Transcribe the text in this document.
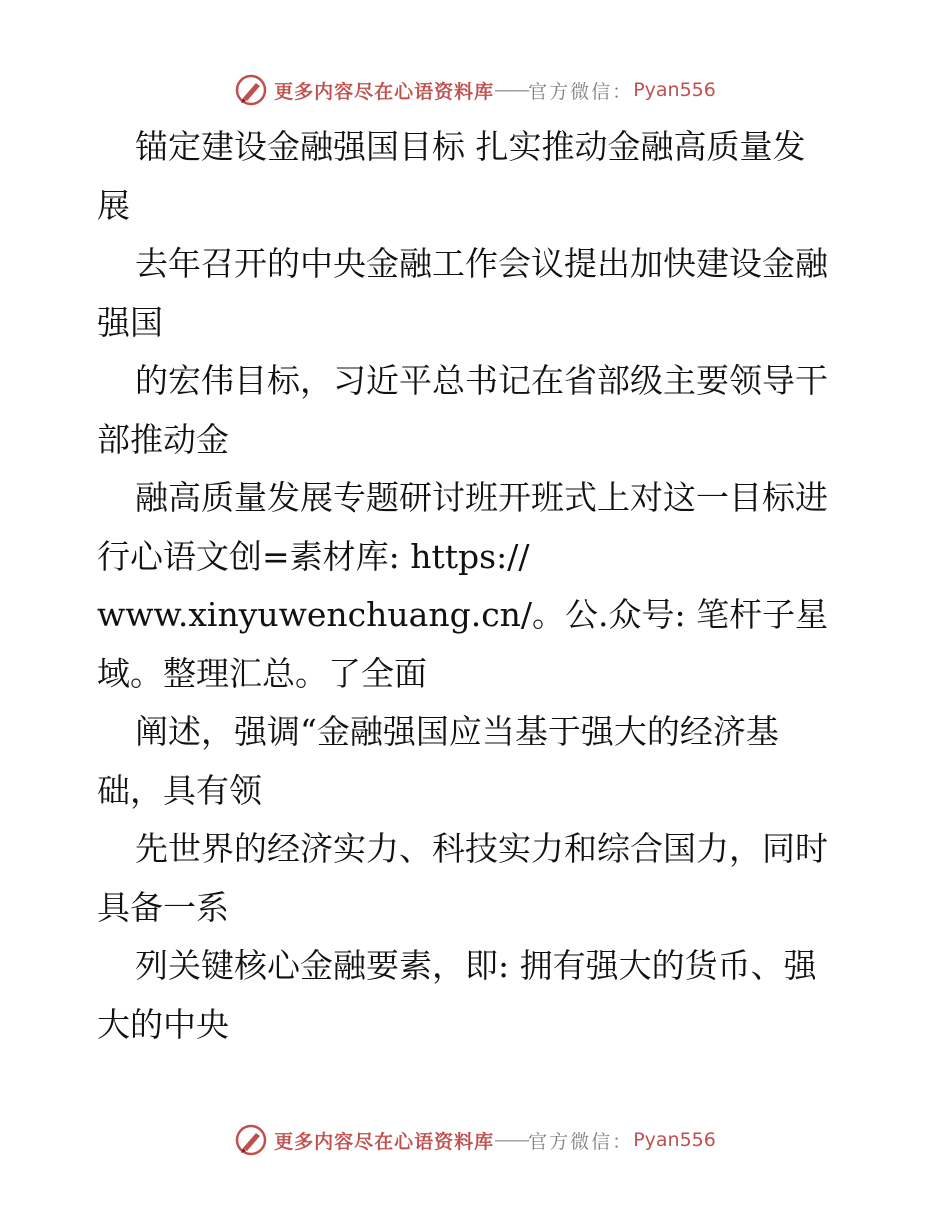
更多内容尽在心语资料库 —— 官方微信： Pyan556
锚定建设金融强国目标 扎实推动金融高质量发
展
去年召开的中央金融工作会议提出加快建设金融
强国
的宏伟目标，习近平总书记在省部级主要领导干
部推动金
融高质量发展专题研讨班开班式上对这一目标进
行心语文创=素材库: https://
www.xinyuwenchuang.cn/。公.众号: 笔杆子星
域。整理汇总。了全面
阐述，强调“金融强国应当基于强大的经济基
础，具有领
先世界的经济实力、科技实力和综合国力，同时
具备一系
列关键核心金融要素，即: 拥有强大的货币、强
大的中央
更多内容尽在心语资料库 —— 官方微信： Pyan556
